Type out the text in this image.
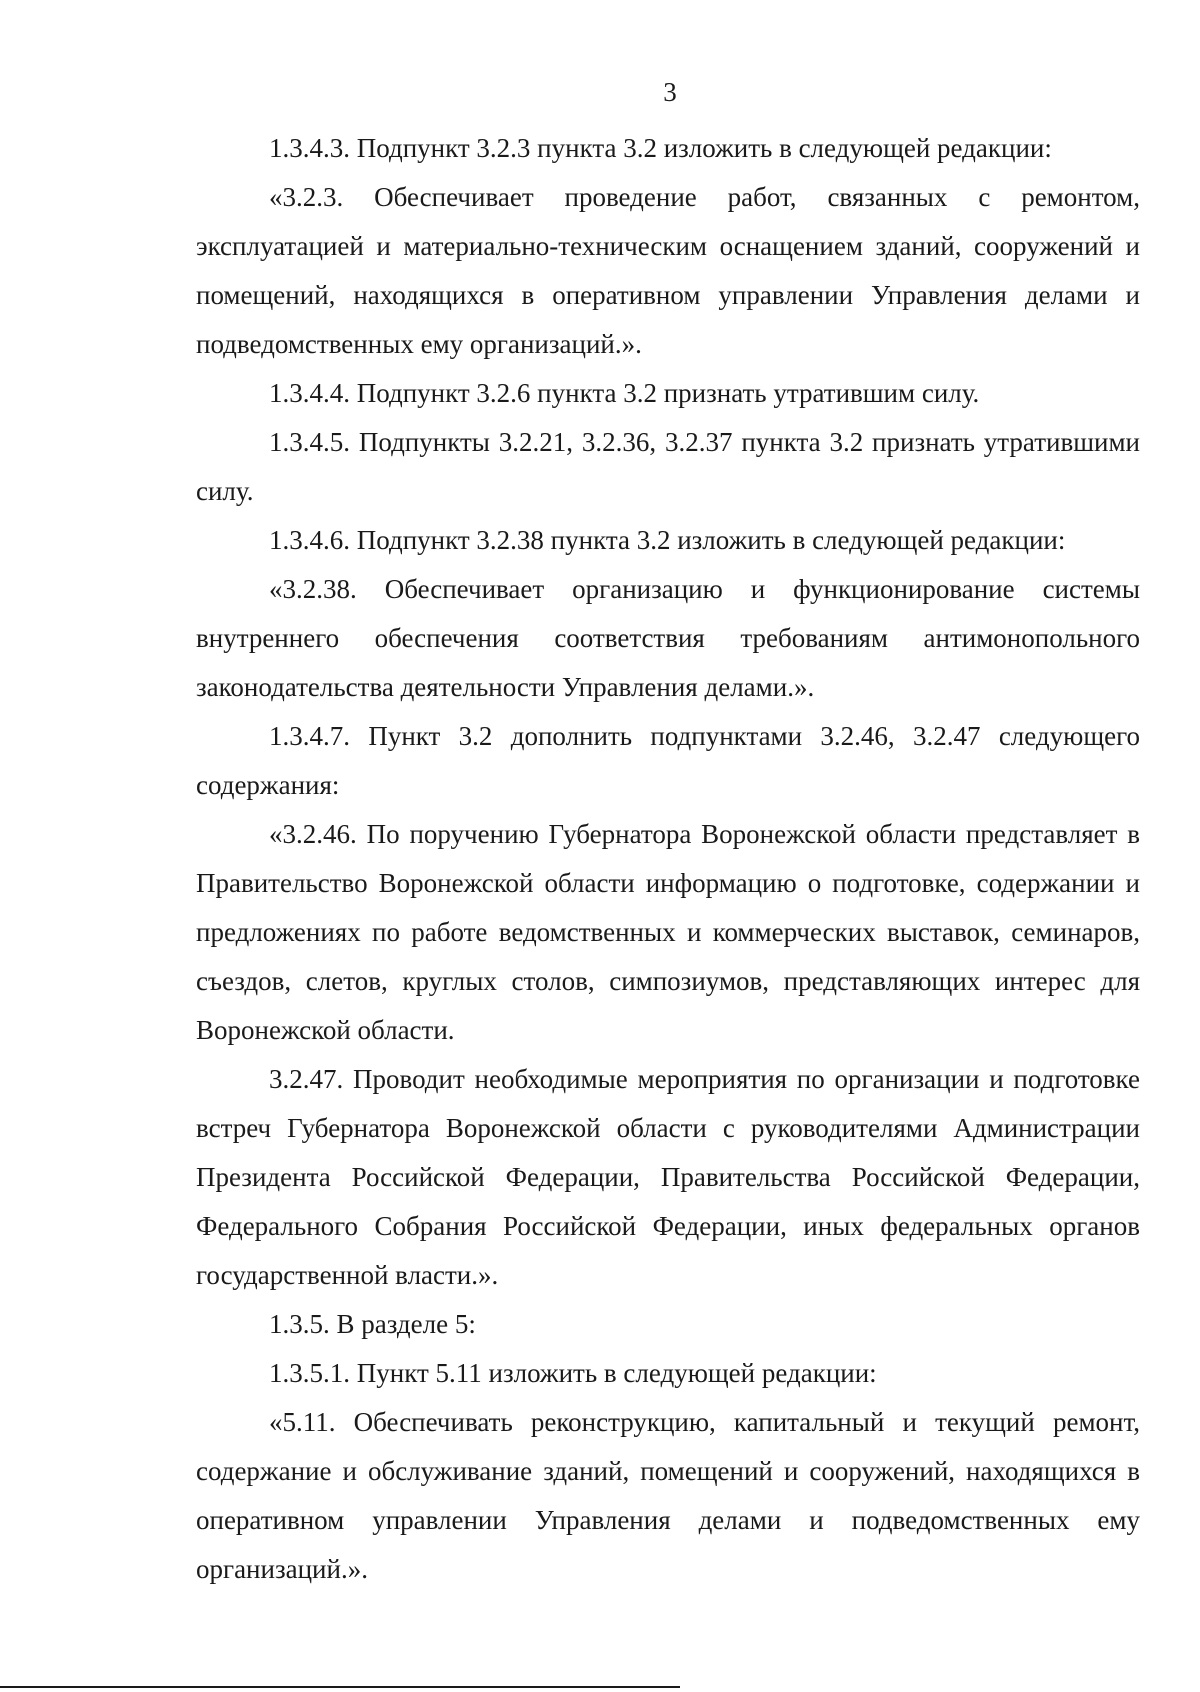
3

1.3.4.3. Подпункт 3.2.3 пункта 3.2 изложить в следующей редакции:

«3.2.3. Обеспечивает проведение работ, связанных с ремонтом, эксплуатацией и материально-техническим оснащением зданий, сооружений и помещений, находящихся в оперативном управлении Управления делами и подведомственных ему организаций.».

1.3.4.4. Подпункт 3.2.6 пункта 3.2 признать утратившим силу.

1.3.4.5. Подпункты 3.2.21, 3.2.36, 3.2.37 пункта 3.2 признать утратившими силу.

1.3.4.6. Подпункт 3.2.38 пункта 3.2 изложить в следующей редакции:

«3.2.38. Обеспечивает организацию и функционирование системы внутреннего обеспечения соответствия требованиям антимонопольного законодательства деятельности Управления делами.».

1.3.4.7. Пункт 3.2 дополнить подпунктами 3.2.46, 3.2.47 следующего содержания:

«3.2.46. По поручению Губернатора Воронежской области представляет в Правительство Воронежской области информацию о подготовке, содержании и предложениях по работе ведомственных и коммерческих выставок, семинаров, съездов, слетов, круглых столов, симпозиумов, представляющих интерес для Воронежской области.

3.2.47. Проводит необходимые мероприятия по организации и подготовке встреч Губернатора Воронежской области с руководителями Администрации Президента Российской Федерации, Правительства Российской Федерации, Федерального Собрания Российской Федерации, иных федеральных органов государственной власти.».

1.3.5. В разделе 5:

1.3.5.1. Пункт 5.11 изложить в следующей редакции:

«5.11. Обеспечивать реконструкцию, капитальный и текущий ремонт, содержание и обслуживание зданий, помещений и сооружений, находящихся в оперативном управлении Управления делами и подведомственных ему организаций.».
